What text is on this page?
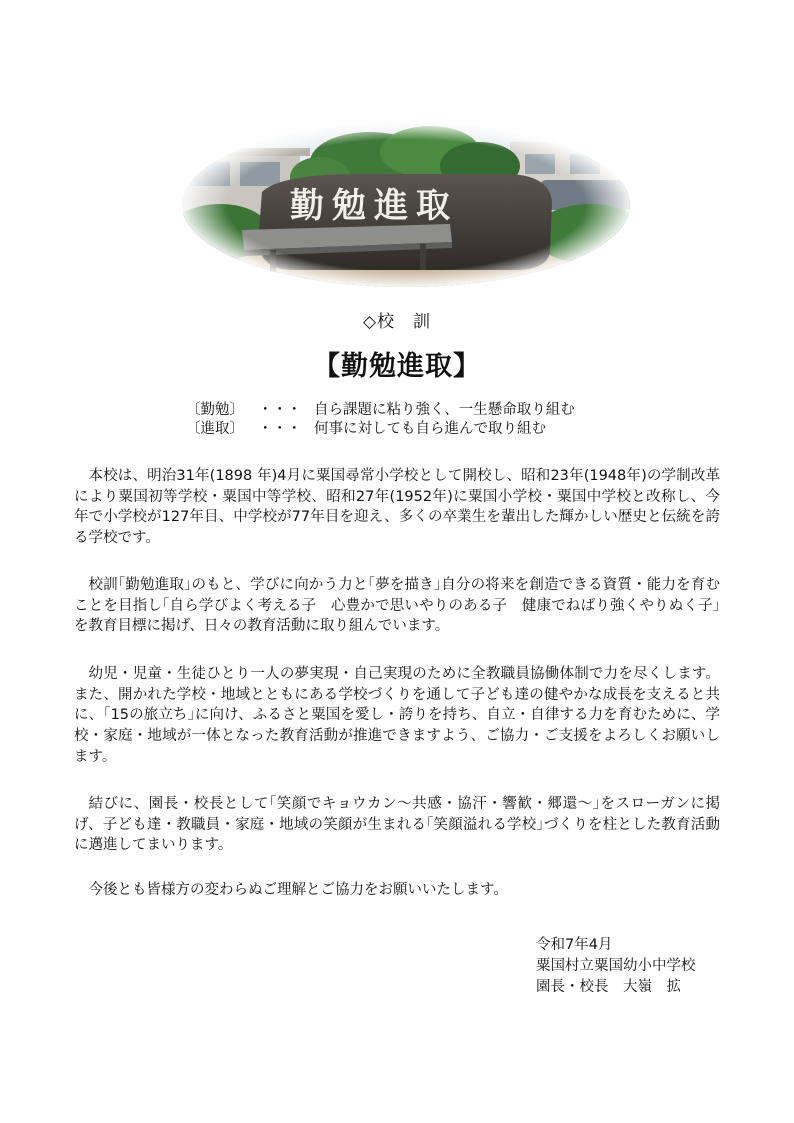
◇校　訓
【勤勉進取】
〔勤勉〕 ・・・ 自ら課題に粘り強く、一生懸命取り組む
〔進取〕 ・・・ 何事に対しても自ら進んで取り組む

本校は、明治31年(1898 年)4月に粟国尋常小学校として開校し、昭和23年(1948年)の学制改革により粟国初等学校・粟国中等学校、昭和27年(1952年)に粟国小学校・粟国中学校と改称し、今年で小学校が127年目、中学校が77年目を迎え、多くの卒業生を輩出した輝かしい歴史と伝統を誇る学校です。

校訓｢勤勉進取｣のもと、学びに向かう力と｢夢を描き｣自分の将来を創造できる資質・能力を育むことを目指し｢自ら学びよく考える子　心豊かで思いやりのある子　健康でねばり強くやりぬく子｣を教育目標に掲げ、日々の教育活動に取り組んでいます。

幼児・児童・生徒ひとり一人の夢実現・自己実現のために全教職員協働体制で力を尽くします。また、開かれた学校・地域とともにある学校づくりを通して子ども達の健やかな成長を支えると共に、｢15の旅立ち｣に向け、ふるさと粟国を愛し・誇りを持ち、自立・自律する力を育むために、学校・家庭・地域が一体となった教育活動が推進できますよう、ご協力・ご支援をよろしくお願いします。

結びに、園長・校長として｢笑顔でキョウカン～共感・協汗・響歓・郷還～｣をスローガンに掲げ、子ども達・教職員・家庭・地域の笑顔が生まれる｢笑顔溢れる学校｣づくりを柱とした教育活動に邁進してまいります。

今後とも皆様方の変わらぬご理解とご協力をお願いいたします。

令和7年4月
粟国村立粟国幼小中学校
園長・校長　大嶺　拡
